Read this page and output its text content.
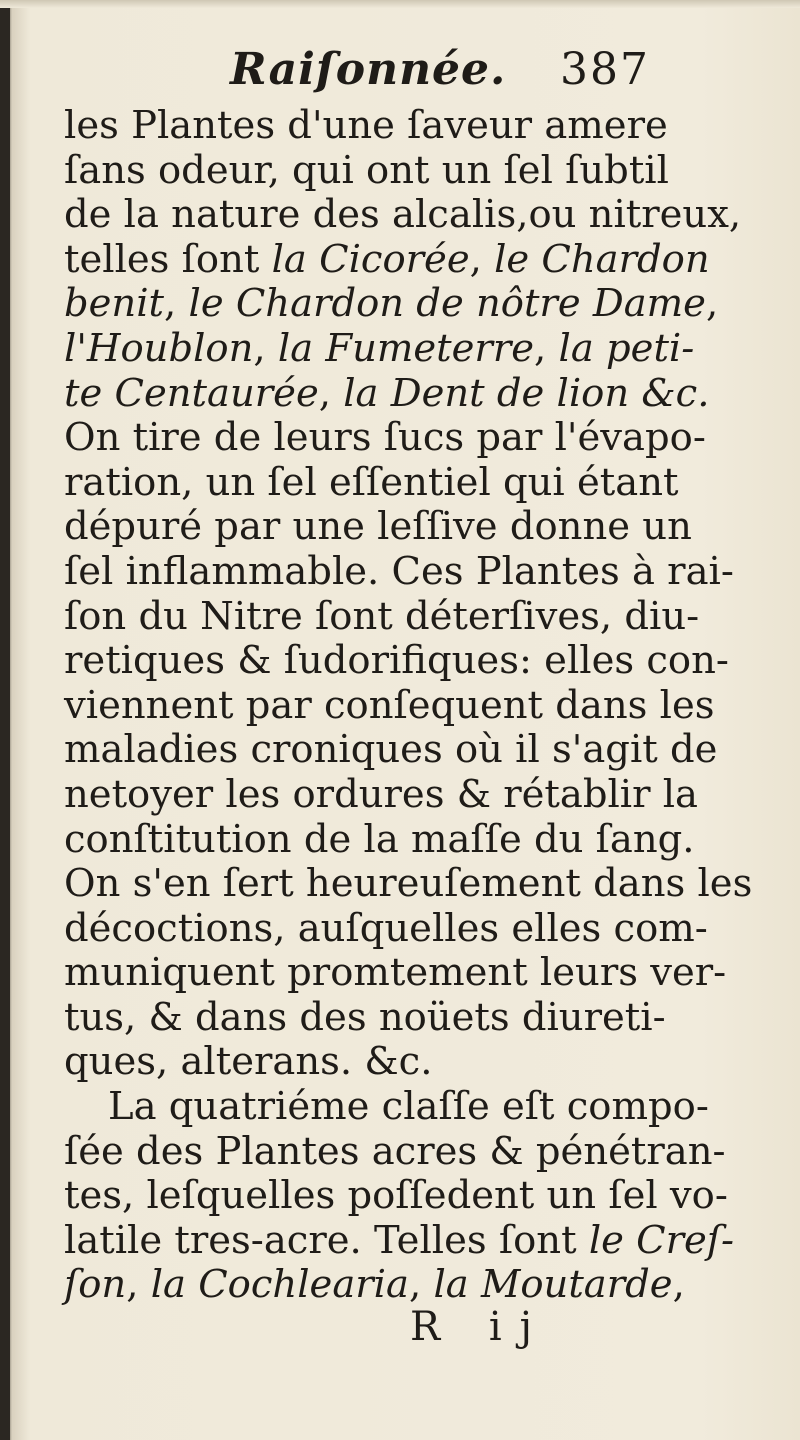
Raiſonnée. 387
les Plantes d'une ſaveur amere
ſans odeur, qui ont un ſel ſubtil
de la nature des alcalis,ou nitreux,
telles ſont la Cicorée, le Chardon
benit, le Chardon de nôtre Dame,
l'Houblon, la Fumeterre, la peti-
te Centaurée, la Dent de lion &c.
On tire de leurs ſucs par l'évapo-
ration, un ſel eſſentiel qui étant
dépuré par une leſſive donne un
ſel inflammable. Ces Plantes à rai-
ſon du Nitre ſont déterſives, diu-
retiques & ſudorifiques: elles con-
viennent par conſequent dans les
maladies croniques où il s'agit de
netoyer les ordures & rétablir la
conſtitution de la maſſe du ſang.
On s'en ſert heureuſement dans les
décoctions, auſquelles elles com-
muniquent promtement leurs ver-
tus, & dans des noüets diureti-
ques, alterans. &c.
La quatriéme claſſe eſt compo-
ſée des Plantes acres & pénétran-
tes, leſquelles poſſedent un ſel vo-
latile tres-acre. Telles ſont le Creſ-
ſon, la Cochlearia, la Moutarde,
R ij
